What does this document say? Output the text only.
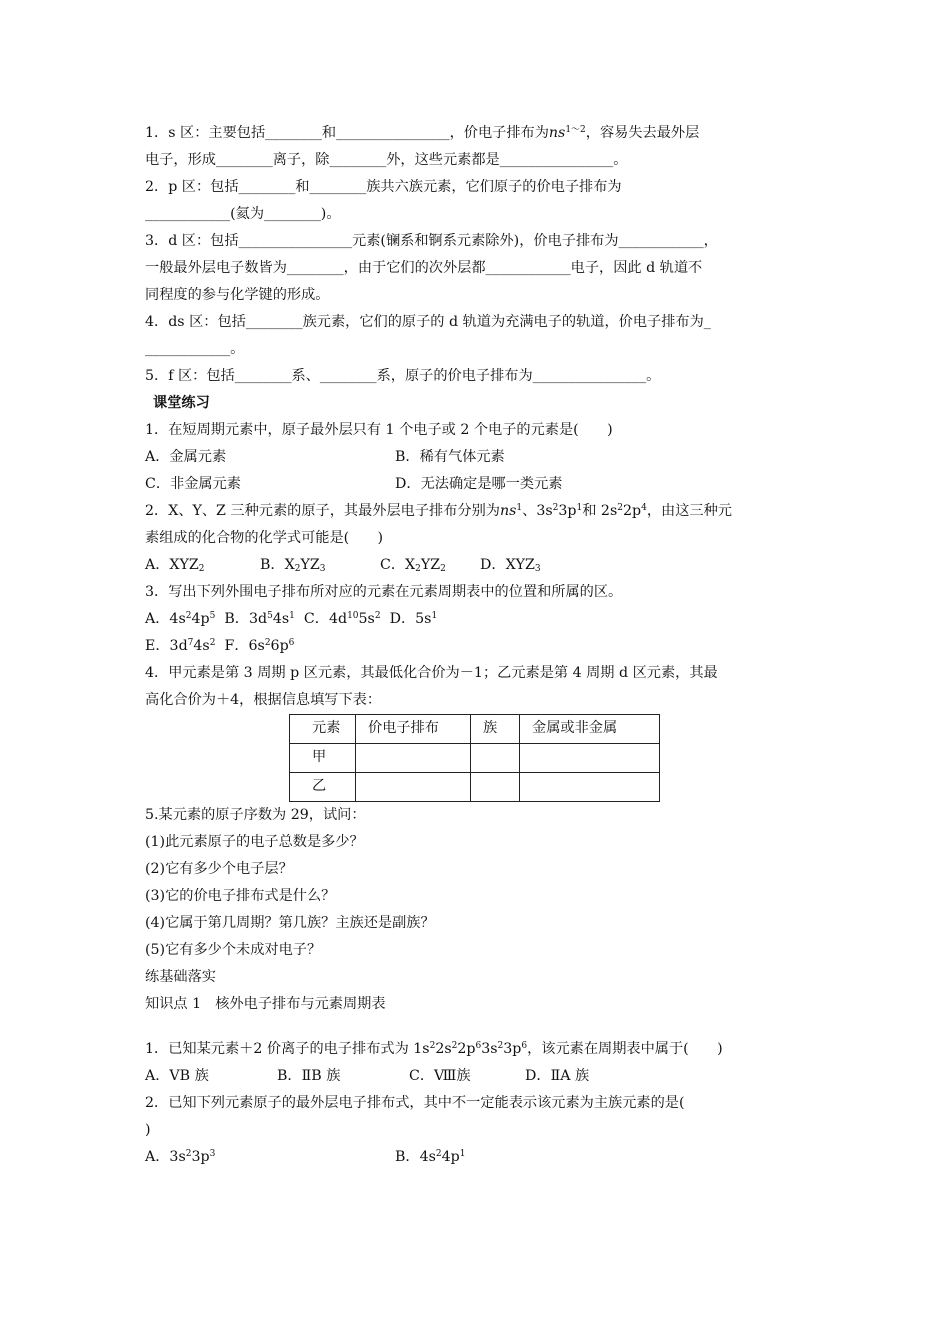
1．s 区：主要包括________和________________，价电子排布为$ns^{1\sim 2}$，容易失去最外层
电子，形成________离子，除________外，这些元素都是________________。
2．p 区：包括________和________族共六族元素，它们原子的价电子排布为
____________(氦为________)。
3．d 区：包括________________元素(镧系和锕系元素除外)，价电子排布为____________，
一般最外层电子数皆为________，由于它们的次外层都____________电子，因此 d 轨道不
同程度的参与化学键的形成。
4．ds 区：包括________族元素，它们的原子的 d 轨道为充满电子的轨道，价电子排布为_
____________。
5．f 区：包括________系、________系，原子的价电子排布为________________。
课堂练习
1．在短周期元素中，原子最外层只有 1 个电子或 2 个电子的元素是(　　)
A．金属元素	B．稀有气体元素
C．非金属元素	D．无法确定是哪一类元素
2．X、Y、Z 三种元素的原子，其最外层电子排布分别为$ns^1$、$3s^23p^1$和 $2s^22p^4$，由这三种元
素组成的化合物的化学式可能是(　　)
A．$XYZ_2$	B．$X_2YZ_3$	C．$X_2YZ_2$ D．$XYZ_3$
3．写出下列外围电子排布所对应的元素在元素周期表中的位置和所属的区。
A．$4s^24p^5$ B．$3d^54s^1$ C．$4d^{10}5s^2$ D．$5s^1$
E．$3d^74s^2$ F．$6s^26p^6$
4．甲元素是第 3 周期 p 区元素，其最低化合价为－1；乙元素是第 4 周期 d 区元素，其最
高化合价为＋4，根据信息填写下表：
元素	价电子排布	族	金属或非金属
甲			
乙			
5.某元素的原子序数为 29，试问：
(1)此元素原子的电子总数是多少？
(2)它有多少个电子层？
(3)它的价电子排布式是什么？
(4)它属于第几周期？第几族？主族还是副族？
(5)它有多少个未成对电子？
练基础落实
知识点 1　核外电子排布与元素周期表
1．已知某元素＋2 价离子的电子排布式为 $1s^22s^22p^63s^23p^6$，该元素在周期表中属于(　　)
A．ⅤB 族	B．ⅡB 族	C．Ⅷ族	D．ⅡA 族
2．已知下列元素原子的最外层电子排布式，其中不一定能表示该元素为主族元素的是(
)
A．$3s^23p^3$	B．$4s^24p^1$
